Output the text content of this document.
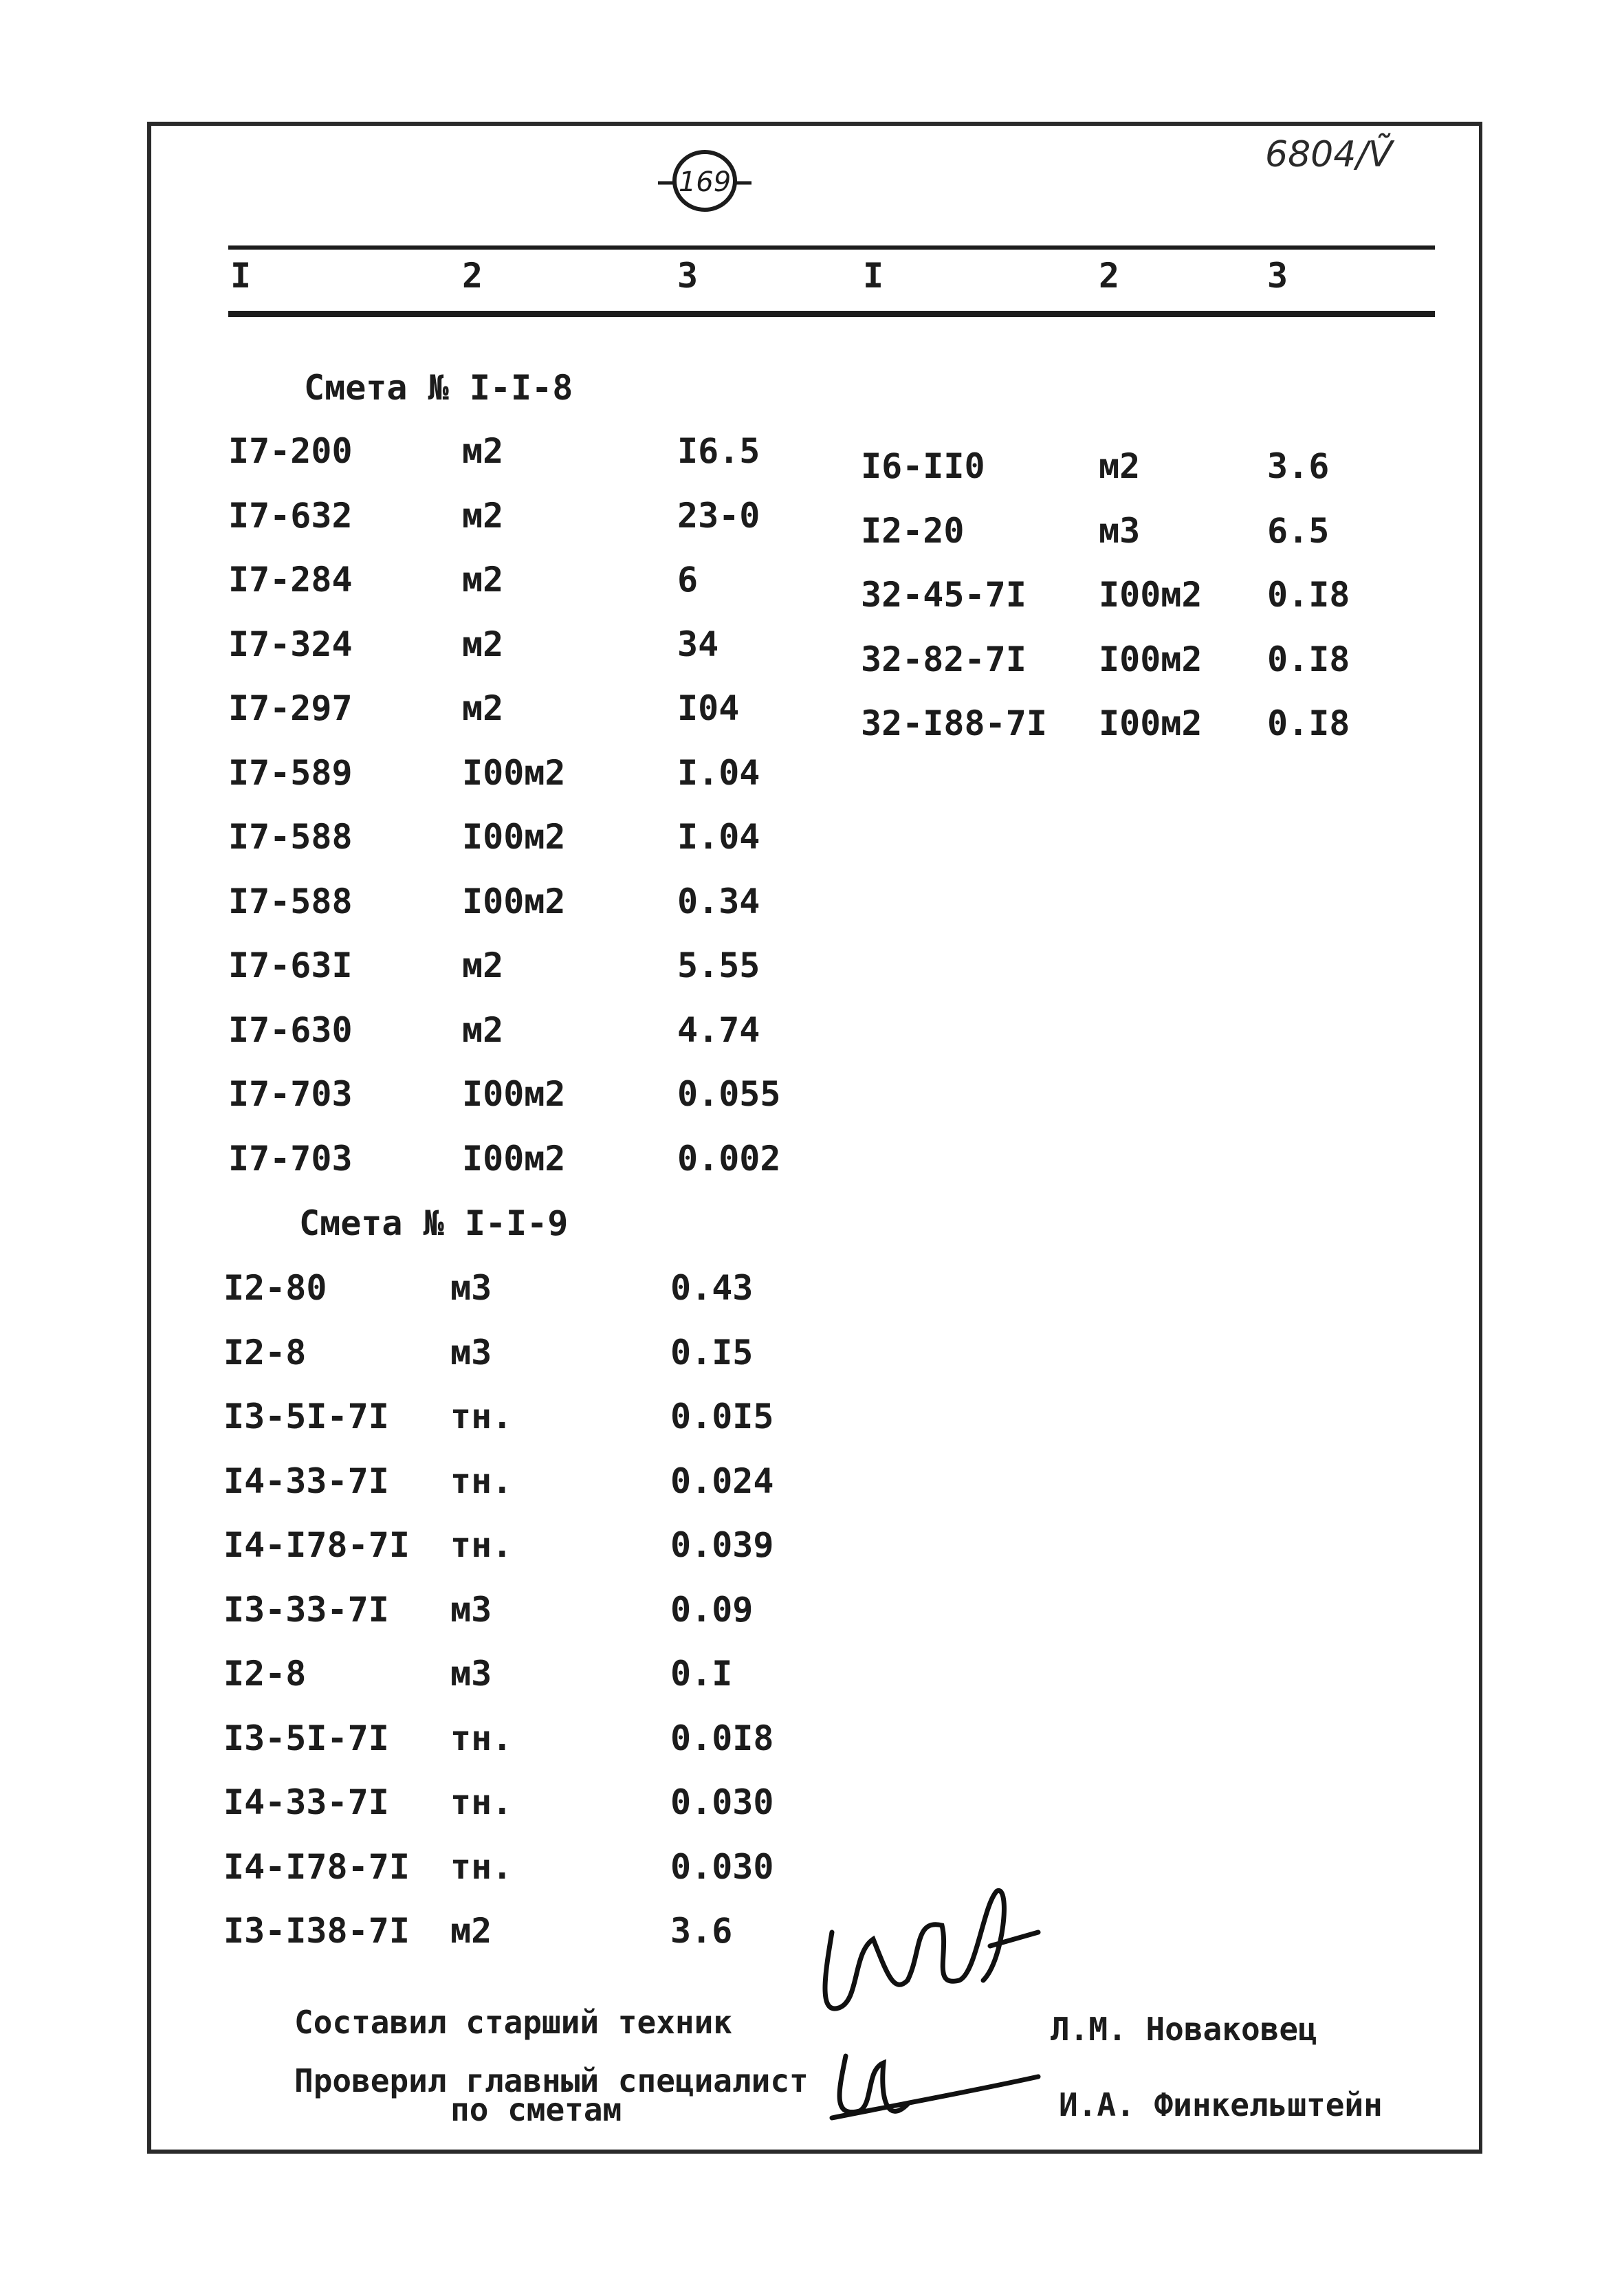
169
6804/Ṽ
I	2	3	I	2	3
Смета № I-I-8
I7-200	м2	I6.5
I7-632	м2	23-0
I7-284	м2	6
I7-324	м2	34
I7-297	м2	I04
I7-589	I00м2	I.04
I7-588	I00м2	I.04
I7-588	I00м2	0.34
I7-63I	м2	5.55
I7-630	м2	4.74
I7-703	I00м2	0.055
I7-703	I00м2	0.002
I6-II0	м2	3.6
I2-20	м3	6.5
32-45-7I I00м2 0.I8
32-82-7I I00м2 0.I8
32-I88-7I I00м2 0.I8
Смета № I-I-9
I2-80	м3	0.43
I2-8	м3	0.I5
I3-5I-7I тн.	0.0I5
I4-33-7I тн.	0.024
I4-I78-7I тн.	0.039
I3-33-7I м3	0.09
I2-8	м3	0.I
I3-5I-7I тн.	0.0I8
I4-33-7I тн.	0.030
I4-I78-7I тн.	0.030
I3-I38-7I м2	3.6
Составил старший техник	Л.М. Новаковец
Проверил главный специалист
по сметам	И.А. Финкельштейн
